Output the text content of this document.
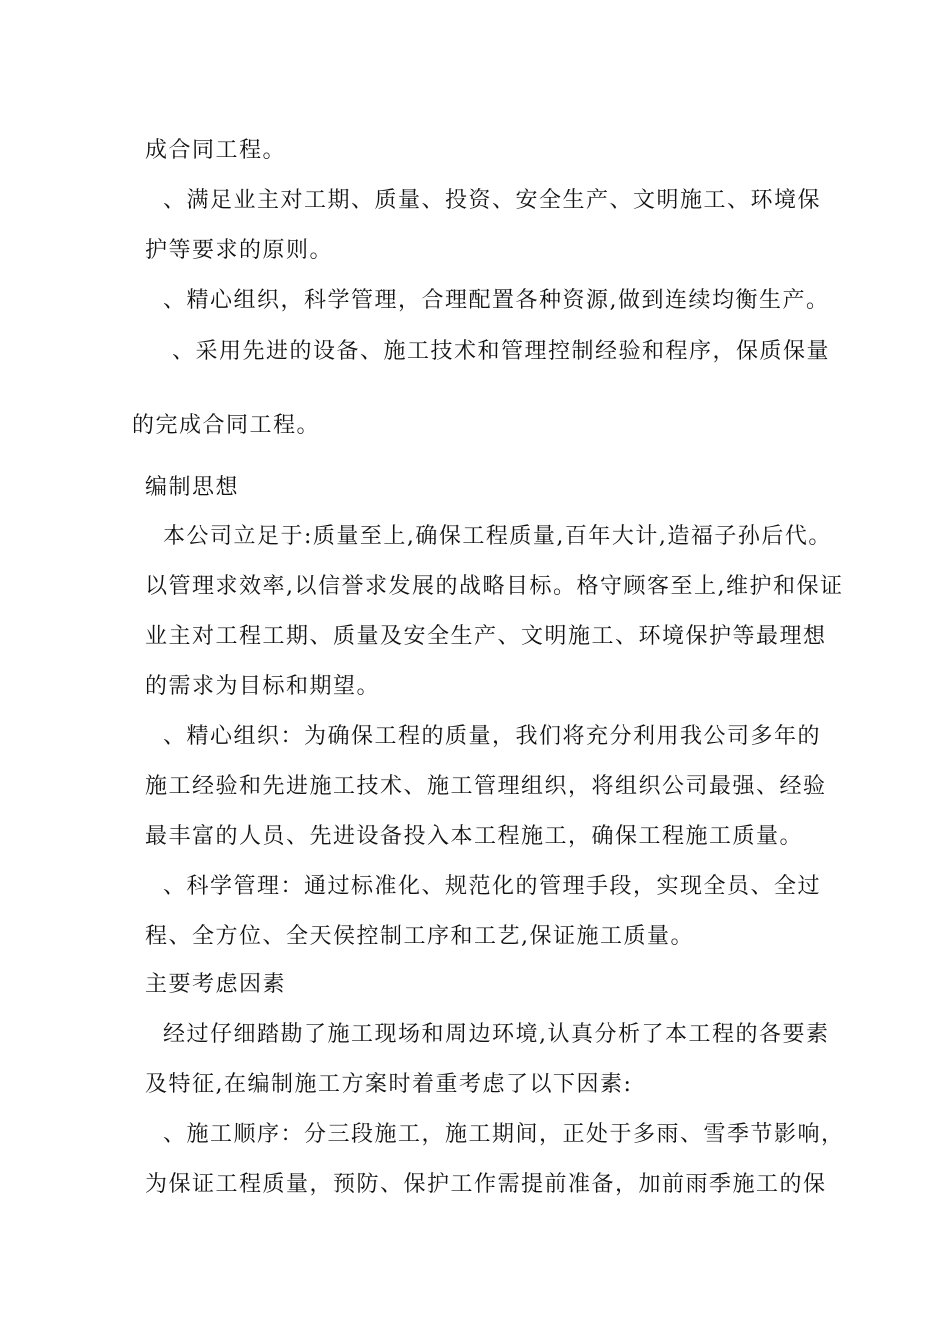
成合同工程。
、满足业主对工期、质量、投资、安全生产、文明施工、环境保
护等要求的原则。
、精心组织，科学管理，合理配置各种资源,做到连续均衡生产。
、采用先进的设备、施工技术和管理控制经验和程序，保质保量
的完成合同工程。
编制思想
本公司立足于:质量至上,确保工程质量,百年大计,造福子孙后代。
以管理求效率,以信誉求发展的战略目标。格守顾客至上,维护和保证
业主对工程工期、质量及安全生产、文明施工、环境保护等最理想
的需求为目标和期望。
、精心组织：为确保工程的质量，我们将充分利用我公司多年的
施工经验和先进施工技术、施工管理组织，将组织公司最强、经验
最丰富的人员、先进设备投入本工程施工，确保工程施工质量。
、科学管理：通过标准化、规范化的管理手段，实现全员、全过
程、全方位、全天侯控制工序和工艺,保证施工质量。
主要考虑因素
经过仔细踏勘了施工现场和周边环境,认真分析了本工程的各要素
及特征,在编制施工方案时着重考虑了以下因素:
、施工顺序：分三段施工，施工期间，正处于多雨、雪季节影响，
为保证工程质量，预防、保护工作需提前准备，加前雨季施工的保
